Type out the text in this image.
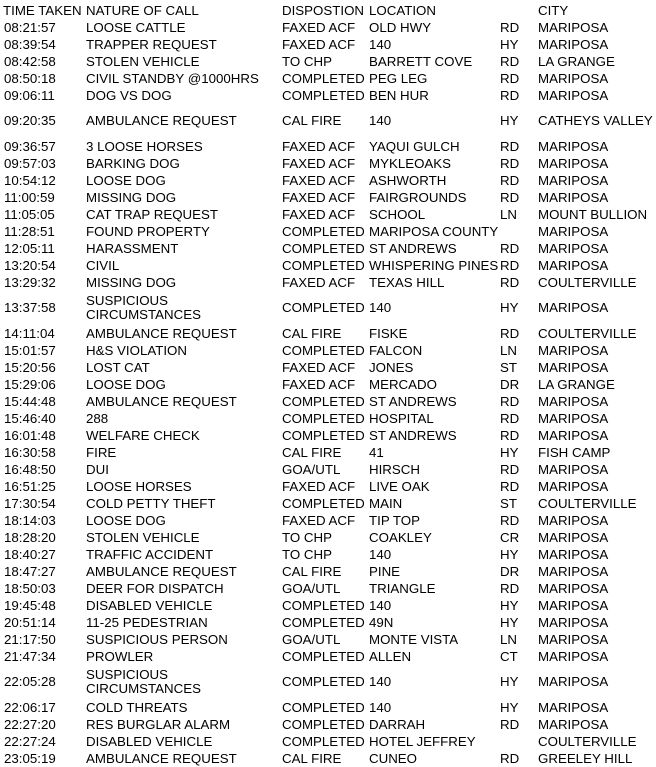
TIME TAKEN	NATURE OF CALL	DISPOSTION	LOCATION		CITY
08:21:57	LOOSE CATTLE	FAXED ACF	OLD HWY	RD	MARIPOSA
08:39:54	TRAPPER REQUEST	FAXED ACF	140	HY	MARIPOSA
08:42:58	STOLEN VEHICLE	TO CHP	BARRETT COVE	RD	LA GRANGE
08:50:18	CIVIL STANDBY @1000HRS	COMPLETED	PEG LEG	RD	MARIPOSA
09:06:11	DOG VS DOG	COMPLETED	BEN HUR	RD	MARIPOSA
09:20:35	AMBULANCE REQUEST	CAL FIRE	140	HY	CATHEYS VALLEY
09:36:57	3 LOOSE HORSES	FAXED ACF	YAQUI GULCH	RD	MARIPOSA
09:57:03	BARKING DOG	FAXED ACF	MYKLEOAKS	RD	MARIPOSA
10:54:12	LOOSE DOG	FAXED ACF	ASHWORTH	RD	MARIPOSA
11:00:59	MISSING DOG	FAXED ACF	FAIRGROUNDS	RD	MARIPOSA
11:05:05	CAT TRAP REQUEST	FAXED ACF	SCHOOL	LN	MOUNT BULLION
11:28:51	FOUND PROPERTY	COMPLETED	MARIPOSA COUNTY		MARIPOSA
12:05:11	HARASSMENT	COMPLETED	ST ANDREWS	RD	MARIPOSA
13:20:54	CIVIL	COMPLETED	WHISPERING PINES	RD	MARIPOSA
13:29:32	MISSING DOG	FAXED ACF	TEXAS HILL	RD	COULTERVILLE
13:37:58	SUSPICIOUS CIRCUMSTANCES	COMPLETED	140	HY	MARIPOSA
14:11:04	AMBULANCE REQUEST	CAL FIRE	FISKE	RD	COULTERVILLE
15:01:57	H&S VIOLATION	COMPLETED	FALCON	LN	MARIPOSA
15:20:56	LOST CAT	FAXED ACF	JONES	ST	MARIPOSA
15:29:06	LOOSE DOG	FAXED ACF	MERCADO	DR	LA GRANGE
15:44:48	AMBULANCE REQUEST	COMPLETED	ST ANDREWS	RD	MARIPOSA
15:46:40	288	COMPLETED	HOSPITAL	RD	MARIPOSA
16:01:48	WELFARE CHECK	COMPLETED	ST ANDREWS	RD	MARIPOSA
16:30:58	FIRE	CAL FIRE	41	HY	FISH CAMP
16:48:50	DUI	GOA/UTL	HIRSCH	RD	MARIPOSA
16:51:25	LOOSE HORSES	FAXED ACF	LIVE OAK	RD	MARIPOSA
17:30:54	COLD PETTY THEFT	COMPLETED	MAIN	ST	COULTERVILLE
18:14:03	LOOSE DOG	FAXED ACF	TIP TOP	RD	MARIPOSA
18:28:20	STOLEN VEHICLE	TO CHP	COAKLEY	CR	MARIPOSA
18:40:27	TRAFFIC ACCIDENT	TO CHP	140	HY	MARIPOSA
18:47:27	AMBULANCE REQUEST	CAL FIRE	PINE	DR	MARIPOSA
18:50:03	DEER FOR DISPATCH	GOA/UTL	TRIANGLE	RD	MARIPOSA
19:45:48	DISABLED VEHICLE	COMPLETED	140	HY	MARIPOSA
20:51:14	11-25 PEDESTRIAN	COMPLETED	49N	HY	MARIPOSA
21:17:50	SUSPICIOUS PERSON	GOA/UTL	MONTE VISTA	LN	MARIPOSA
21:47:34	PROWLER	COMPLETED	ALLEN	CT	MARIPOSA
22:05:28	SUSPICIOUS CIRCUMSTANCES	COMPLETED	140	HY	MARIPOSA
22:06:17	COLD THREATS	COMPLETED	140	HY	MARIPOSA
22:27:20	RES BURGLAR ALARM	COMPLETED	DARRAH	RD	MARIPOSA
22:27:24	DISABLED VEHICLE	COMPLETED	HOTEL JEFFREY		COULTERVILLE
23:05:19	AMBULANCE REQUEST	CAL FIRE	CUNEO	RD	GREELEY HILL
